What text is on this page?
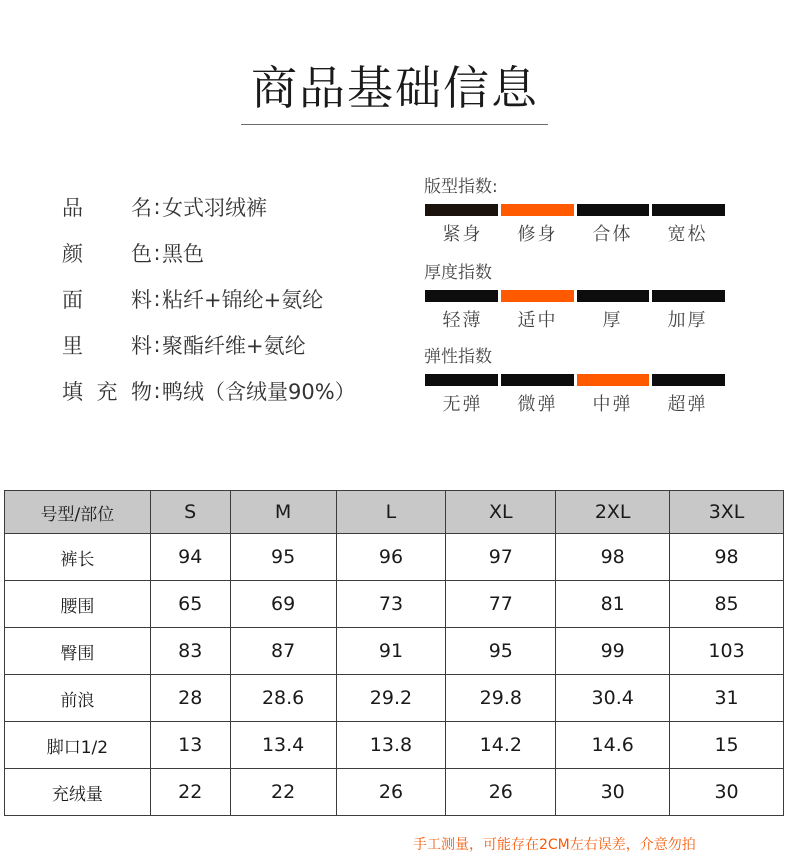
商品基础信息
品　名 : 女式羽绒裤
颜　色 : 黑色
面　料 : 粘纤+锦纶+氨纶
里　料 : 聚酯纤维+氨纶
填充物 : 鸭绒（含绒量90%）
版型指数:
紧身	修身	合体	宽松
厚度指数
轻薄	适中	厚	加厚
弹性指数
无弹	微弹	中弹	超弹
号型/部位	S	M	L	XL	2XL	3XL
裤长	94	95	96	97	98	98
腰围	65	69	73	77	81	85
臀围	83	87	91	95	99	103
前浪	28	28.6	29.2	29.8	30.4	31
脚口1/2	13	13.4	13.8	14.2	14.6	15
充绒量	22	22	26	26	30	30
手工测量，可能存在2CM左右误差，介意勿拍
